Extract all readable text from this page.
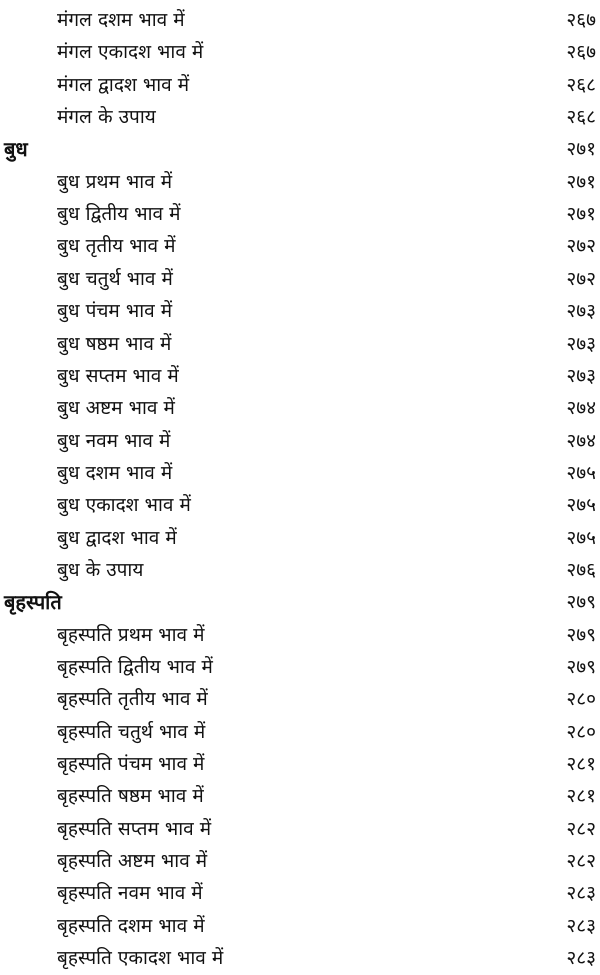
मंगल दशम भाव में	२६७
मंगल एकादश भाव में	२६७
मंगल द्वादश भाव में	२६८
मंगल के उपाय	२६८
बुध	२७१
बुध प्रथम भाव में	२७१
बुध द्वितीय भाव में	२७१
बुध तृतीय भाव में	२७२
बुध चतुर्थ भाव में	२७२
बुध पंचम भाव में	२७३
बुध षष्ठम भाव में	२७३
बुध सप्तम भाव में	२७३
बुध अष्टम भाव में	२७४
बुध नवम भाव में	२७४
बुध दशम भाव में	२७५
बुध एकादश भाव में	२७५
बुध द्वादश भाव में	२७५
बुध के उपाय	२७६
बृहस्पति	२७९
बृहस्पति प्रथम भाव में	२७९
बृहस्पति द्वितीय भाव में	२७९
बृहस्पति तृतीय भाव में	२८०
बृहस्पति चतुर्थ भाव में	२८०
बृहस्पति पंचम भाव में	२८१
बृहस्पति षष्ठम भाव में	२८१
बृहस्पति सप्तम भाव में	२८२
बृहस्पति अष्टम भाव में	२८२
बृहस्पति नवम भाव में	२८३
बृहस्पति दशम भाव में	२८३
बृहस्पति एकादश भाव में	२८३
